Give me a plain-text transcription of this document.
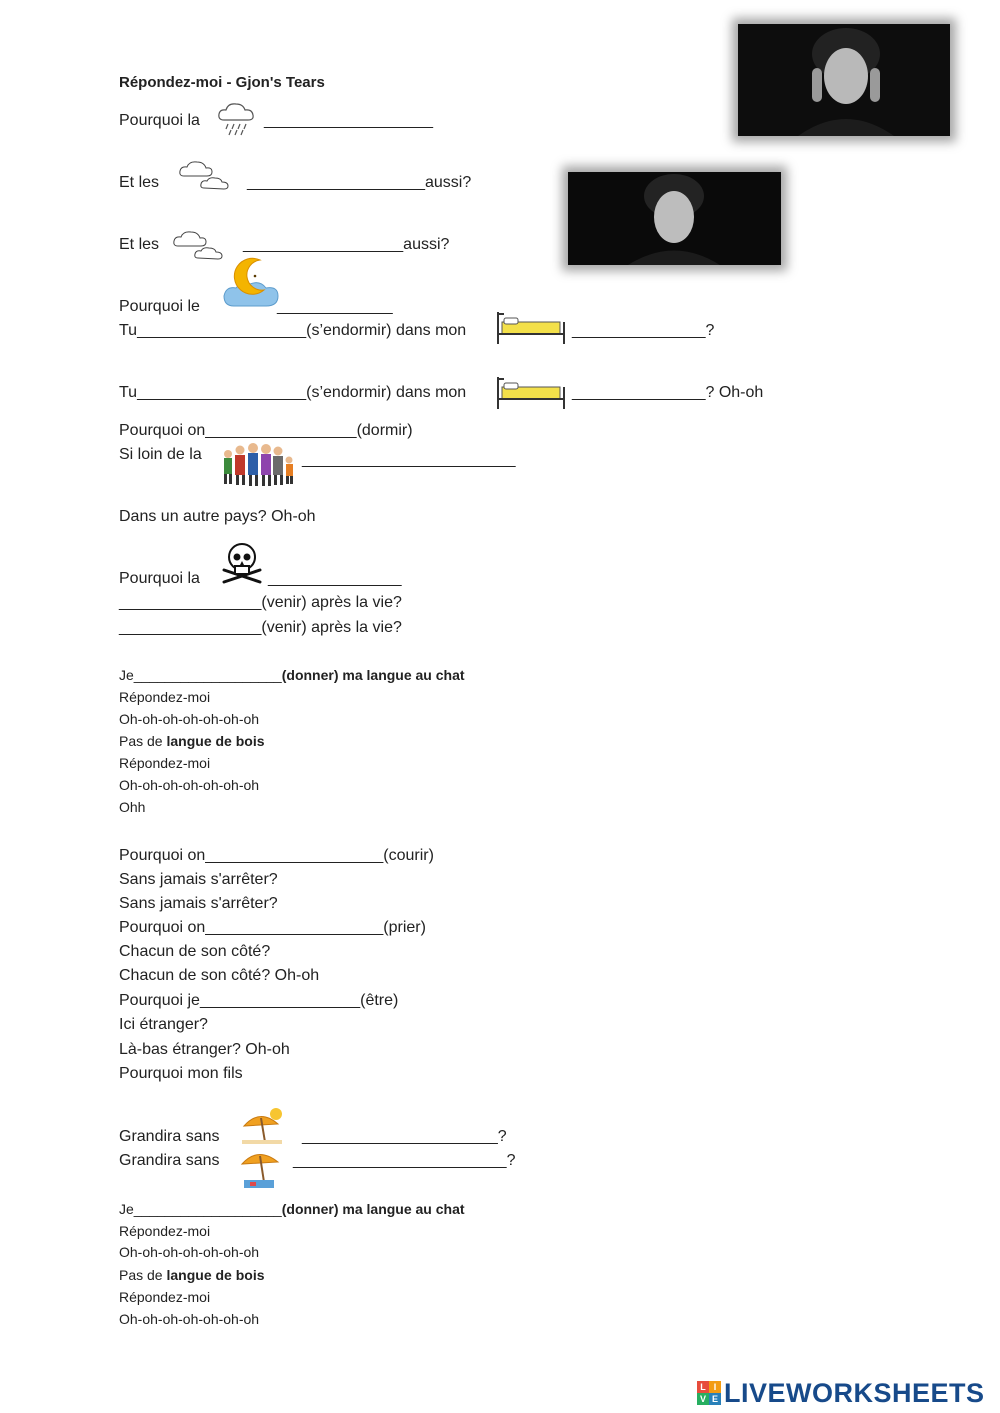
Répondez-moi - Gjon's Tears
Pourquoi la	___________________
Et les	____________________aussi?
Et les	__________________aussi?
Pourquoi le	_____________
Tu___________________(s’endormir) dans mon	_______________?
Tu___________________(s’endormir) dans mon	_______________? Oh-oh
Pourquoi on_________________(dormir)
Si loin de la	________________________
Dans un autre pays? Oh-oh
Pourquoi la	_______________
________________(venir) après la vie?
________________(venir) après la vie?
Je___________________(donner) ma langue au chat
Répondez-moi
Oh-oh-oh-oh-oh-oh-oh
Pas de langue de bois
Répondez-moi
Oh-oh-oh-oh-oh-oh-oh
Ohh
Pourquoi on____________________(courir)
Sans jamais s'arrêter?
Sans jamais s'arrêter?
Pourquoi on____________________(prier)
Chacun de son côté?
Chacun de son côté? Oh-oh
Pourquoi je__________________(être)
Ici étranger?
Là-bas étranger? Oh-oh
Pourquoi mon fils
Grandira sans	______________________?
Grandira sans	________________________?
Je___________________(donner) ma langue au chat
Répondez-moi
Oh-oh-oh-oh-oh-oh-oh
Pas de langue de bois
Répondez-moi
Oh-oh-oh-oh-oh-oh-oh
L I
V E LIVEWORKSHEETS
